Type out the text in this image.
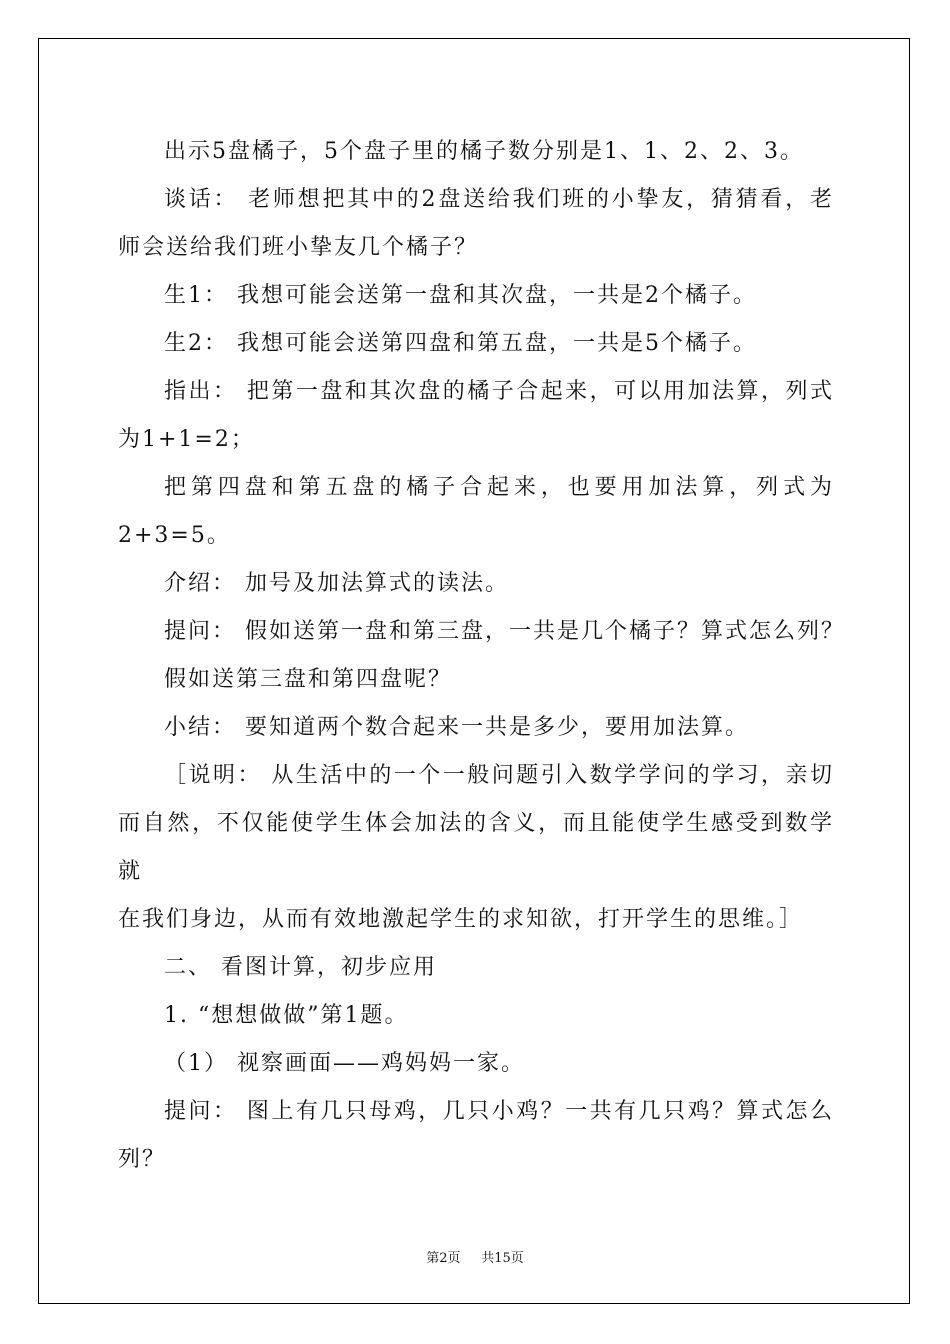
出示5盘橘子，5个盘子里的橘子数分别是1、1、2、2、3。

谈话： 老师想把其中的2盘送给我们班的小挚友，猜猜看，老

师会送给我们班小挚友几个橘子？

生1： 我想可能会送第一盘和其次盘，一共是2个橘子。

生2： 我想可能会送第四盘和第五盘，一共是5个橘子。

指出： 把第一盘和其次盘的橘子合起来，可以用加法算，列式

为1+1=2；

把第四盘和第五盘的橘子合起来，也要用加法算，列式为

2+3=5。

介绍： 加号及加法算式的读法。

提问： 假如送第一盘和第三盘，一共是几个橘子？算式怎么列？

假如送第三盘和第四盘呢？

小结： 要知道两个数合起来一共是多少，要用加法算。

［说明： 从生活中的一个一般问题引入数学学问的学习，亲切

而自然，不仅能使学生体会加法的含义，而且能使学生感受到数学就

在我们身边，从而有效地激起学生的求知欲，打开学生的思维。］

二、 看图计算，初步应用

1. “想想做做”第1题。

（1） 视察画面——鸡妈妈一家。

提问： 图上有几只母鸡，几只小鸡？一共有几只鸡？算式怎么

列？

第2页 共15页
